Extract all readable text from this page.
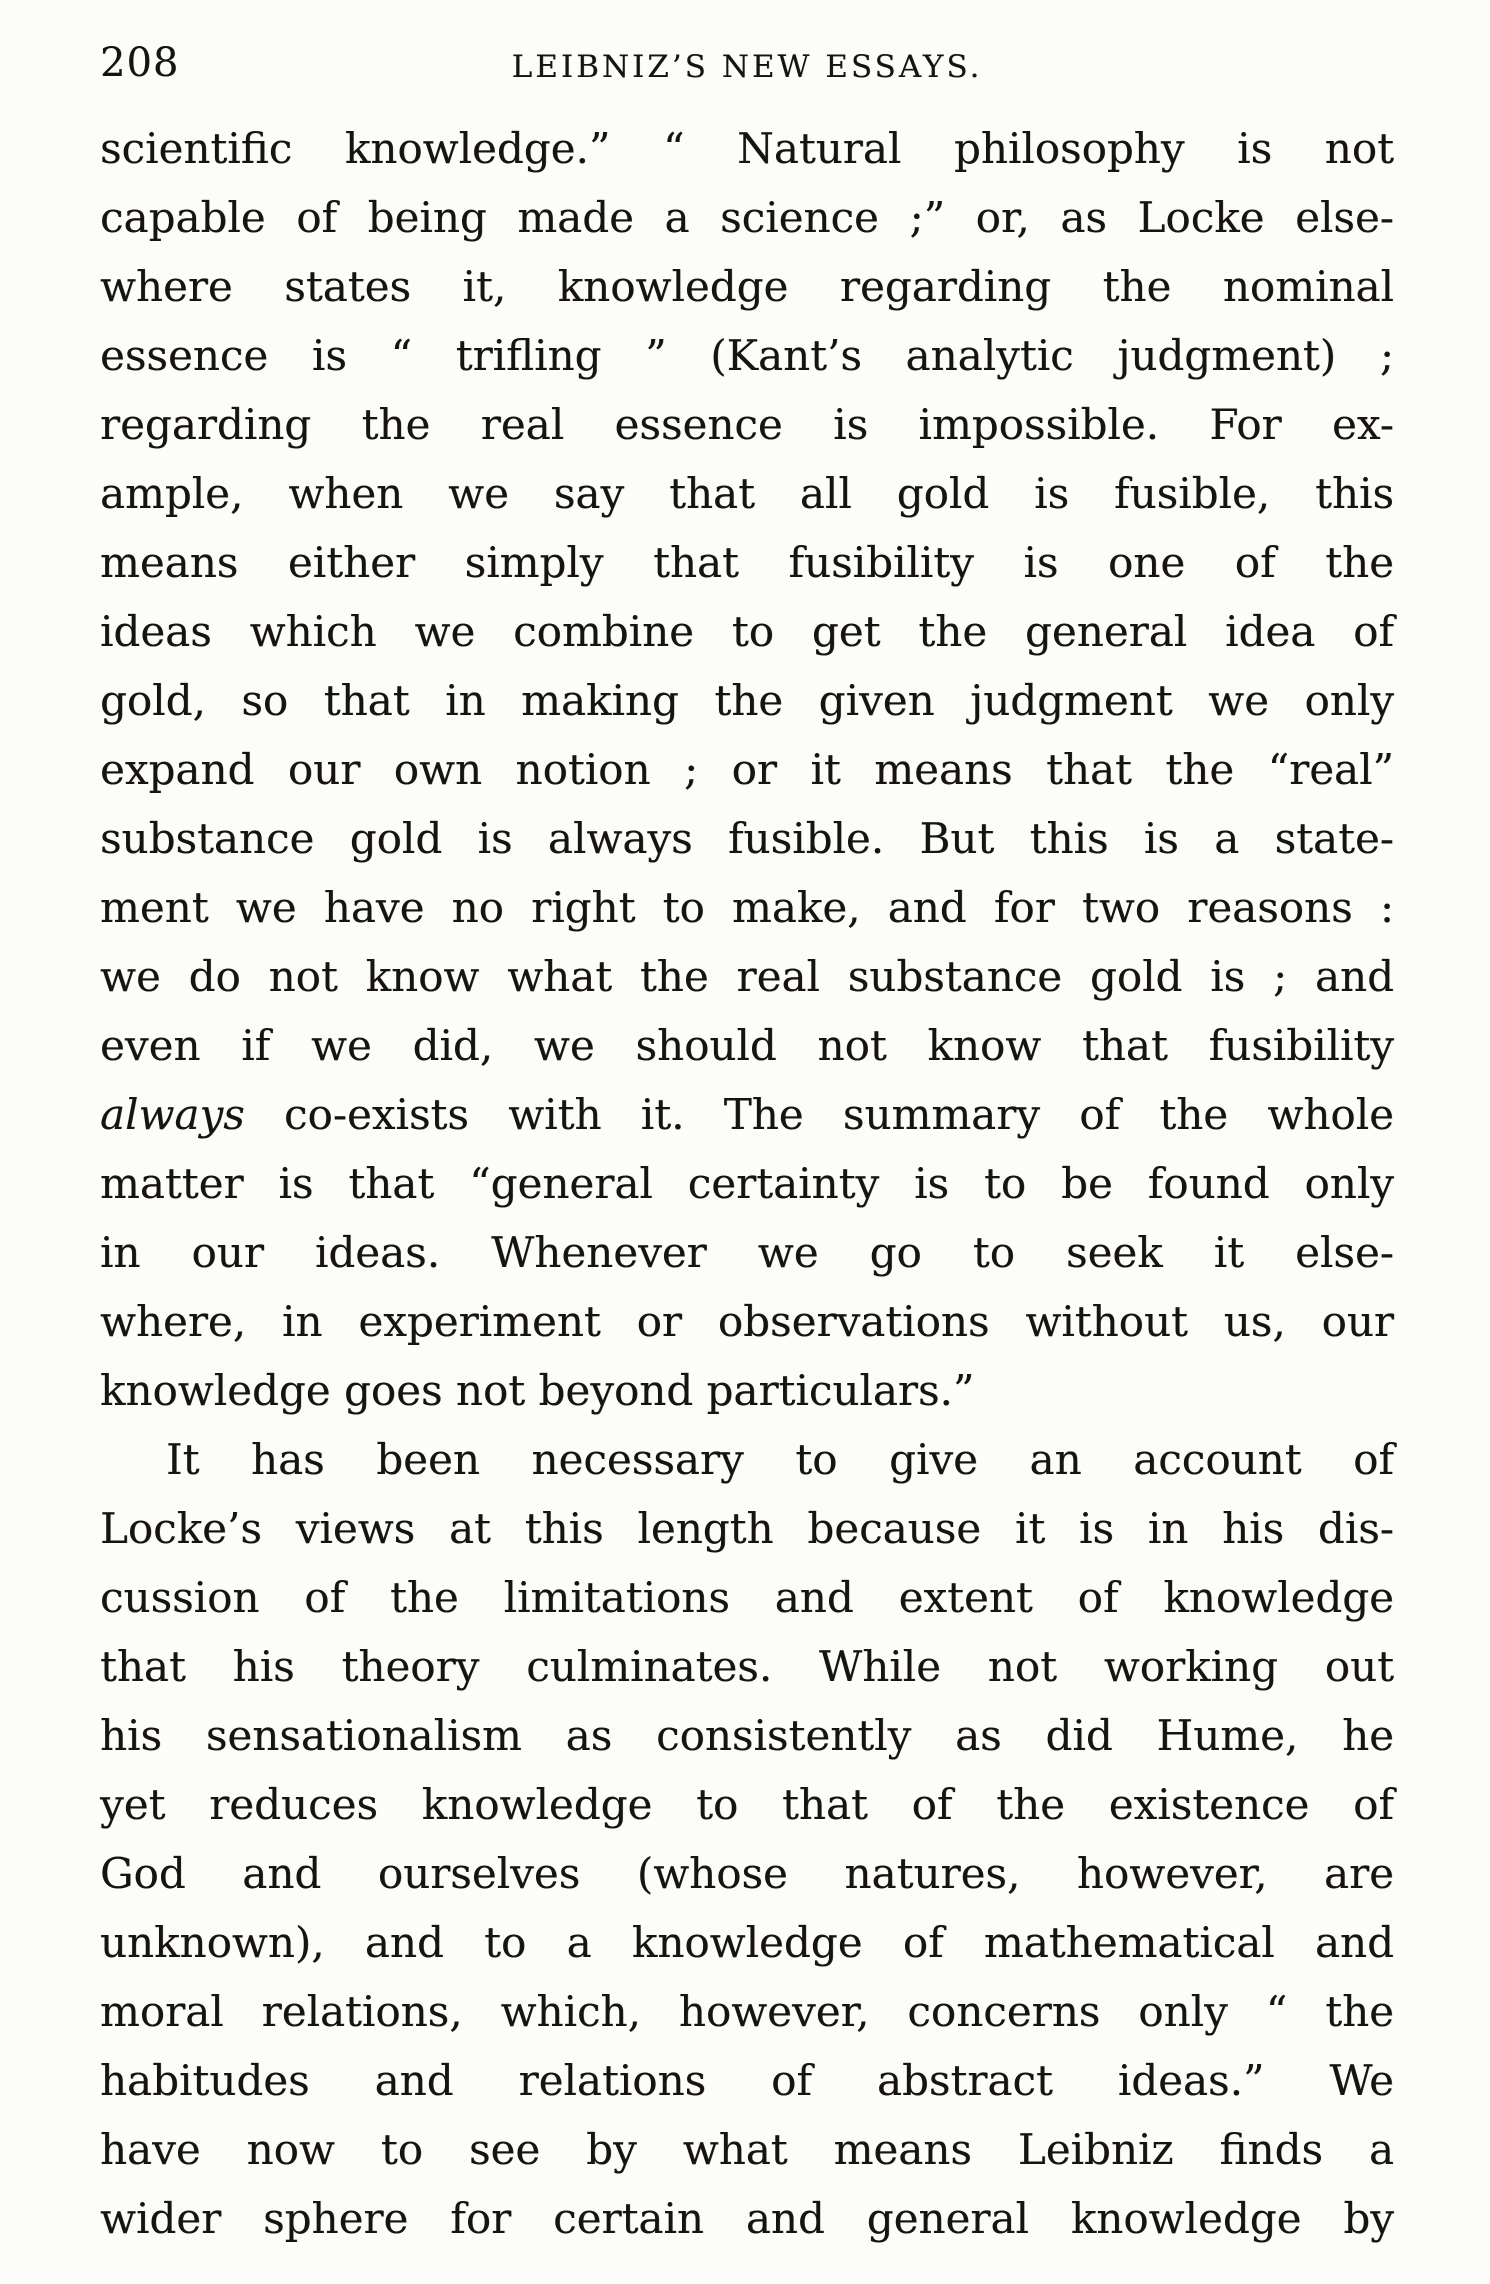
208	LEIBNIZ’S NEW ESSAYS.
scientific knowledge.” “ Natural philosophy is not
capable of being made a science ;” or, as Locke else-
where states it, knowledge regarding the nominal
essence is “ trifling ” (Kant’s analytic judgment) ;
regarding the real essence is impossible. For ex-
ample, when we say that all gold is fusible, this
means either simply that fusibility is one of the
ideas which we combine to get the general idea of
gold, so that in making the given judgment we only
expand our own notion ; or it means that the “real”
substance gold is always fusible. But this is a state-
ment we have no right to make, and for two reasons :
we do not know what the real substance gold is ; and
even if we did, we should not know that fusibility
always co-exists with it. The summary of the whole
matter is that “general certainty is to be found only
in our ideas. Whenever we go to seek it else-
where, in experiment or observations without us, our
knowledge goes not beyond particulars.”
It has been necessary to give an account of
Locke’s views at this length because it is in his dis-
cussion of the limitations and extent of knowledge
that his theory culminates. While not working out
his sensationalism as consistently as did Hume, he
yet reduces knowledge to that of the existence of
God and ourselves (whose natures, however, are
unknown), and to a knowledge of mathematical and
moral relations, which, however, concerns only “ the
habitudes and relations of abstract ideas.” We
have now to see by what means Leibniz finds a
wider sphere for certain and general knowledge by
